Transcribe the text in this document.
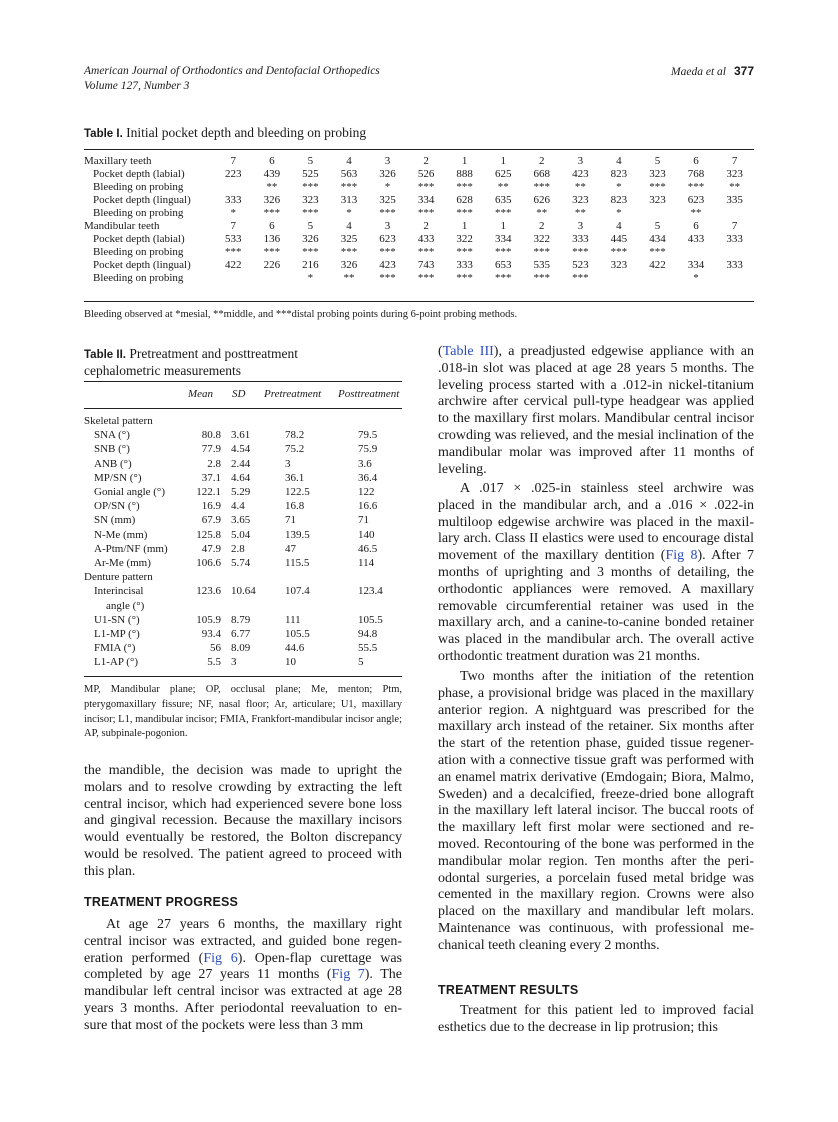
American Journal of Orthodontics and Dentofacial Orthopedics
Volume 127, Number 3
Maeda et al 377
Table I. Initial pocket depth and bleeding on probing
Maxillary teeth	7	6	5	4	3	2	1	1	2	3	4	5	6	7
Pocket depth (labial)	223	439	525	563	326	526	888	625	668	423	823	323	768	323
Bleeding on probing		**	***	***	*	***	***	**	***	**	*	***	***	**
Pocket depth (lingual)	333	326	323	313	325	334	628	635	626	323	823	323	623	335
Bleeding on probing	*	***	***	*	***	***	***	***	**	**	*		**	
Mandibular teeth	7	6	5	4	3	2	1	1	2	3	4	5	6	7
Pocket depth (labial)	533	136	326	325	623	433	322	334	322	333	445	434	433	333
Bleeding on probing	***	***	***	***	***	***	***	***	***	***	***	***		
Pocket depth (lingual)	422	226	216	326	423	743	333	653	535	523	323	422	334	333
Bleeding on probing			*	**	***	***	***	***	***	***			*	
Bleeding observed at *mesial, **middle, and ***distal probing points during 6-point probing methods.
Table II. Pretreatment and posttreatment
cephalometric measurements
Mean SD Pretreatment Posttreatment
Skeletal pattern				
SNA (°)	80.8	3.61	78.2	79.5
SNB (°)	77.9	4.54	75.2	75.9
ANB (°)	2.8	2.44	3	3.6
MP/SN (°)	37.1	4.64	36.1	36.4
Gonial angle (°)	122.1	5.29	122.5	122
OP/SN (°)	16.9	4.4	16.8	16.6
SN (mm)	67.9	3.65	71	71
N-Me (mm)	125.8	5.04	139.5	140
A-Ptm/NF (mm)	47.9	2.8	47	46.5
Ar-Me (mm)	106.6	5.74	115.5	114
Denture pattern				
Interincisal	123.6	10.64	107.4	123.4
angle (°)				
U1-SN (°)	105.9	8.79	111	105.5
L1-MP (°)	93.4	6.77	105.5	94.8
FMIA (°)	56	8.09	44.6	55.5
L1-AP (°)	5.5	3	10	5
MP, Mandibular plane; OP, occlusal plane; Me, menton; Ptm, pterygomaxillary fissure; NF, nasal floor; Ar, articulare; U1, maxillary incisor; L1, mandibular incisor; FMIA, Frankfort-mandibular incisor angle; AP, subpinale-pogonion.
the mandible, the decision was made to upright the
molars and to resolve crowding by extracting the left
central incisor, which had experienced severe bone loss
and gingival recession. Because the maxillary incisors
would eventually be restored, the Bolton discrepancy
would be resolved. The patient agreed to proceed with
this plan.
TREATMENT PROGRESS
At age 27 years 6 months, the maxillary right
central incisor was extracted, and guided bone regen-
eration performed (Fig 6). Open-flap curettage was
completed by age 27 years 11 months (Fig 7). The
mandibular left central incisor was extracted at age 28
years 3 months. After periodontal reevaluation to en-
sure that most of the pockets were less than 3 mm
(Table III), a preadjusted edgewise appliance with an
.018-in slot was placed at age 28 years 5 months. The
leveling process started with a .012-in nickel-titanium
archwire after cervical pull-type headgear was applied
to the maxillary first molars. Mandibular central incisor
crowding was relieved, and the mesial inclination of the
mandibular molar was improved after 11 months of
leveling.
A .017 × .025-in stainless steel archwire was
placed in the mandibular arch, and a .016 × .022-in
multiloop edgewise archwire was placed in the maxil-
lary arch. Class II elastics were used to encourage distal
movement of the maxillary dentition (Fig 8). After 7
months of uprighting and 3 months of detailing, the
orthodontic appliances were removed. A maxillary
removable circumferential retainer was used in the
maxillary arch, and a canine-to-canine bonded retainer
was placed in the mandibular arch. The overall active
orthodontic treatment duration was 21 months.
Two months after the initiation of the retention
phase, a provisional bridge was placed in the maxillary
anterior region. A nightguard was prescribed for the
maxillary arch instead of the retainer. Six months after
the start of the retention phase, guided tissue regener-
ation with a connective tissue graft was performed with
an enamel matrix derivative (Emdogain; Biora, Malmo,
Sweden) and a decalcified, freeze-dried bone allograft
in the maxillary left lateral incisor. The buccal roots of
the maxillary left first molar were sectioned and re-
moved. Recontouring of the bone was performed in the
mandibular molar region. Ten months after the peri-
odontal surgeries, a porcelain fused metal bridge was
cemented in the maxillary region. Crowns were also
placed on the maxillary and mandibular left molars.
Maintenance was continuous, with professional me-
chanical teeth cleaning every 2 months.
TREATMENT RESULTS
Treatment for this patient led to improved facial
esthetics due to the decrease in lip protrusion; this
